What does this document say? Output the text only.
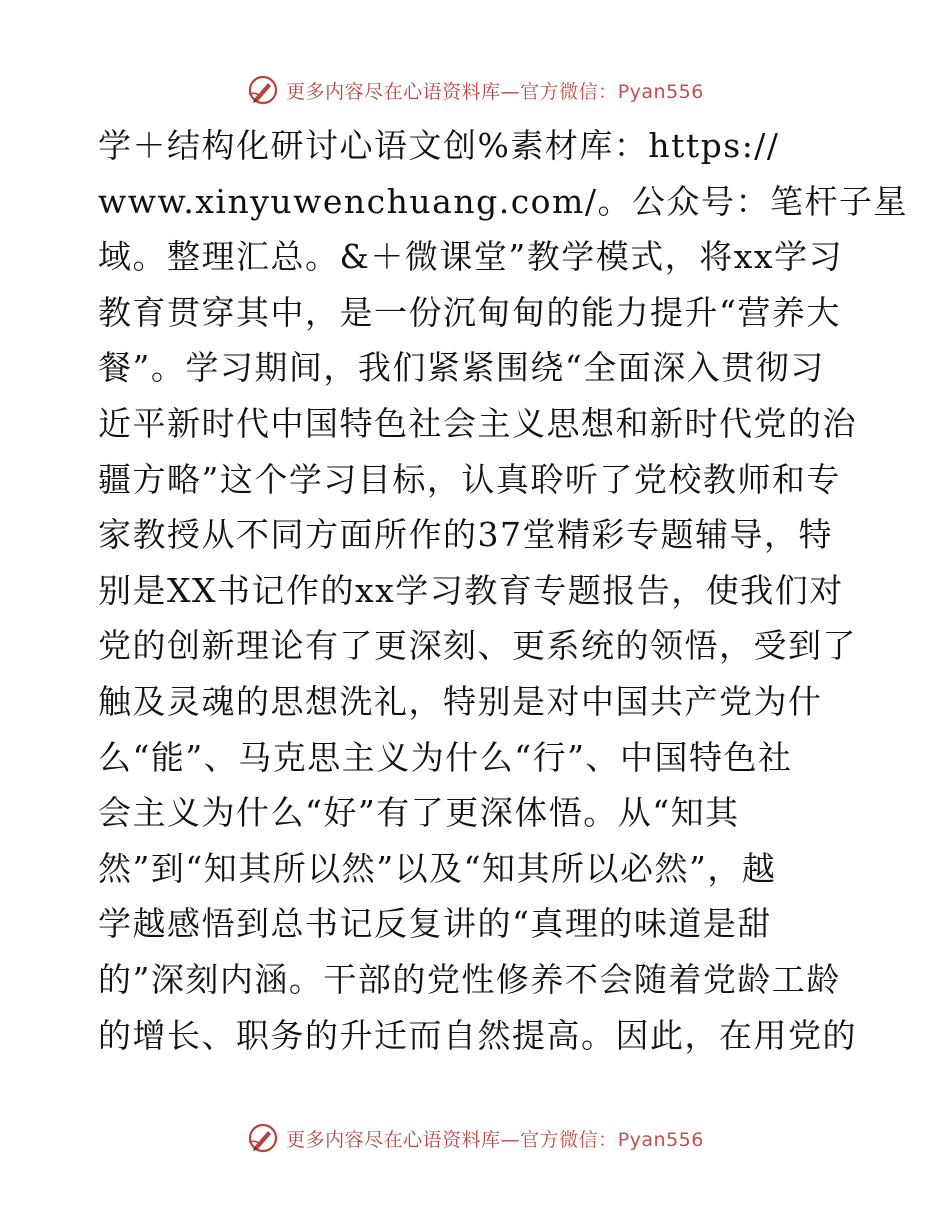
更多内容尽在心语资料库—官方微信：Pyan556
学＋结构化研讨心语文创%素材库：https://
www.xinyuwenchuang.com/。公众号：笔杆子星
域。整理汇总。&＋微课堂”教学模式，将xx学习
教育贯穿其中，是一份沉甸甸的能力提升“营养大
餐”。学习期间，我们紧紧围绕“全面深入贯彻习
近平新时代中国特色社会主义思想和新时代党的治
疆方略”这个学习目标，认真聆听了党校教师和专
家教授从不同方面所作的37堂精彩专题辅导，特
别是XX书记作的xx学习教育专题报告，使我们对
党的创新理论有了更深刻、更系统的领悟，受到了
触及灵魂的思想洗礼，特别是对中国共产党为什
么“能”、马克思主义为什么“行”、中国特色社
会主义为什么“好”有了更深体悟。从“知其
然”到“知其所以然”以及“知其所以必然”，越
学越感悟到总书记反复讲的“真理的味道是甜
的”深刻内涵。干部的党性修养不会随着党龄工龄
的增长、职务的升迁而自然提高。因此，在用党的
更多内容尽在心语资料库—官方微信：Pyan556
